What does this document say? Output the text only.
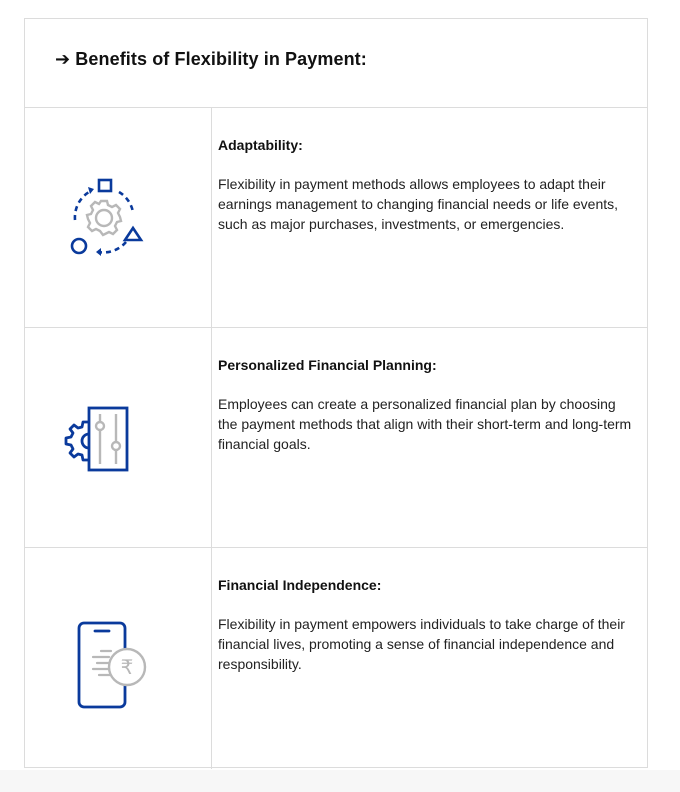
➔ Benefits of Flexibility in Payment:

Adaptability:

Flexibility in payment methods allows employees to adapt their earnings management to changing financial needs or life events, such as major purchases, investments, or emergencies.

Personalized Financial Planning:

Employees can create a personalized financial plan by choosing the payment methods that align with their short-term and long-term financial goals.

₹

Financial Independence:

Flexibility in payment empowers individuals to take charge of their financial lives, promoting a sense of financial independence and responsibility.
